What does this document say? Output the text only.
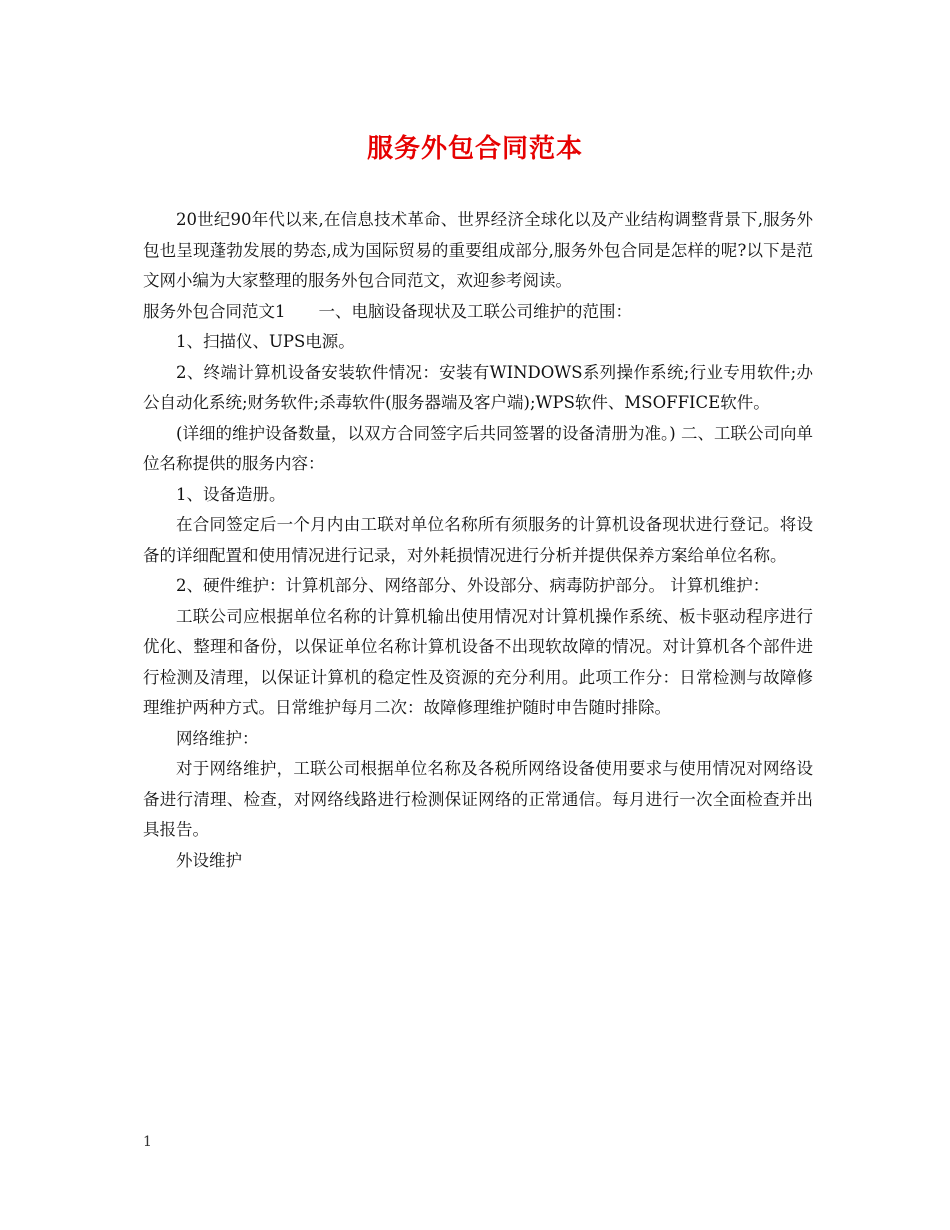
服务外包合同范本

20世纪90年代以来,在信息技术革命、世界经济全球化以及产业结构调整背景下,服务外包也呈现蓬勃发展的势态,成为国际贸易的重要组成部分,服务外包合同是怎样的呢?以下是范文网小编为大家整理的服务外包合同范文，欢迎参考阅读。

服务外包合同范文1　　一、电脑设备现状及工联公司维护的范围：

1、扫描仪、UPS电源。

2、终端计算机设备安装软件情况：安装有WINDOWS系列操作系统;行业专用软件;办公自动化系统;财务软件;杀毒软件(服务器端及客户端);WPS软件、MSOFFICE软件。

(详细的维护设备数量，以双方合同签字后共同签署的设备清册为准。) 二、工联公司向单位名称提供的服务内容：

1、设备造册。

在合同签定后一个月内由工联对单位名称所有须服务的计算机设备现状进行登记。将设备的详细配置和使用情况进行记录，对外耗损情况进行分析并提供保养方案给单位名称。

2、硬件维护：计算机部分、网络部分、外设部分、病毒防护部分。 计算机维护：

工联公司应根据单位名称的计算机输出使用情况对计算机操作系统、板卡驱动程序进行优化、整理和备份，以保证单位名称计算机设备不出现软故障的情况。对计算机各个部件进行检测及清理，以保证计算机的稳定性及资源的充分利用。此项工作分：日常检测与故障修理维护两种方式。日常维护每月二次：故障修理维护随时申告随时排除。

网络维护：

对于网络维护，工联公司根据单位名称及各税所网络设备使用要求与使用情况对网络设备进行清理、检查，对网络线路进行检测保证网络的正常通信。每月进行一次全面检查并出具报告。

外设维护

1
